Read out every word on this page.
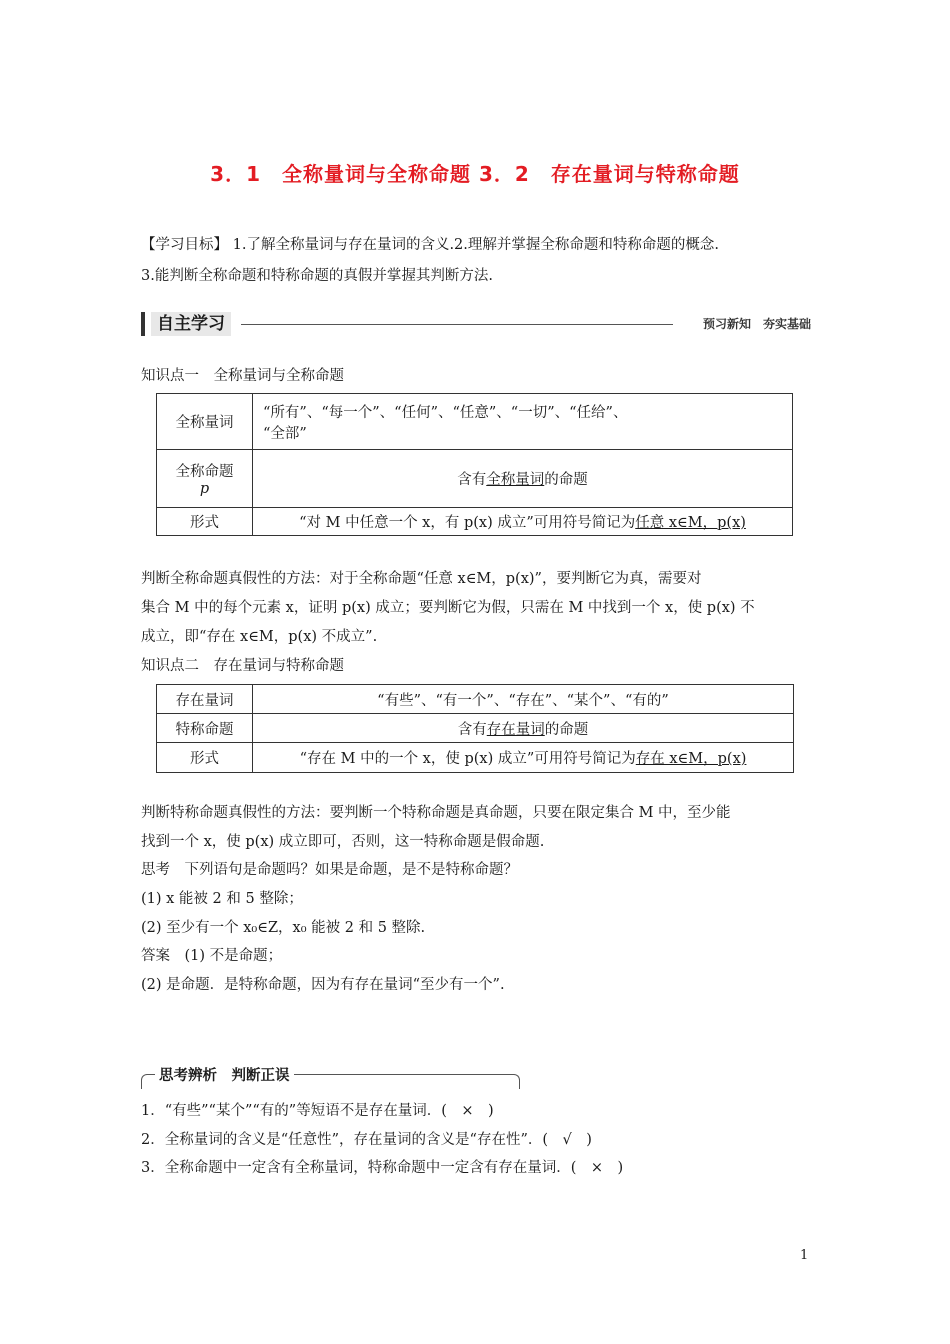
3．1　全称量词与全称命题 3．2　存在量词与特称命题
【学习目标】 1.了解全称量词与存在量词的含义.2.理解并掌握全称命题和特称命题的概念.
3.能判断全称命题和特称命题的真假并掌握其判断方法.
自主学习	预习新知　夯实基础
知识点一　全称量词与全称命题
全称量词	“所有”、“每一个”、“任何”、“任意”、“一切”、“任给”、
“全部”

全称命题
p	含有全称量词的命题
形式	“对 M 中任意一个 x，有 p(x) 成立”可用符号简记为任意 x∈M，p(x)
判断全称命题真假性的方法：对于全称命题“任意 x∈M，p(x)”，要判断它为真，需要对
集合 M 中的每个元素 x，证明 p(x) 成立；要判断它为假，只需在 M 中找到一个 x，使 p(x) 不
成立，即“存在 x∈M，p(x) 不成立”.
知识点二　存在量词与特称命题
存在量词	“有些”、“有一个”、“存在”、“某个”、“有的”
特称命题	含有存在量词的命题
形式	“存在 M 中的一个 x，使 p(x) 成立”可用符号简记为存在 x∈M，p(x)
判断特称命题真假性的方法：要判断一个特称命题是真命题，只要在限定集合 M 中，至少能
找到一个 x，使 p(x) 成立即可，否则，这一特称命题是假命题.
思考　下列语句是命题吗？如果是命题，是不是特称命题？
(1) x 能被 2 和 5 整除；
(2) 至少有一个 x₀∈Z，x₀ 能被 2 和 5 整除.
答案　(1) 不是命题；
(2) 是命题．是特称命题，因为有存在量词“至少有一个”.
思考辨析　判断正误
1．“有些”“某个”“有的”等短语不是存在量词．(　×　)
2．全称量词的含义是“任意性”，存在量词的含义是“存在性”．(　√　)
3．全称命题中一定含有全称量词，特称命题中一定含有存在量词．(　×　)
1
